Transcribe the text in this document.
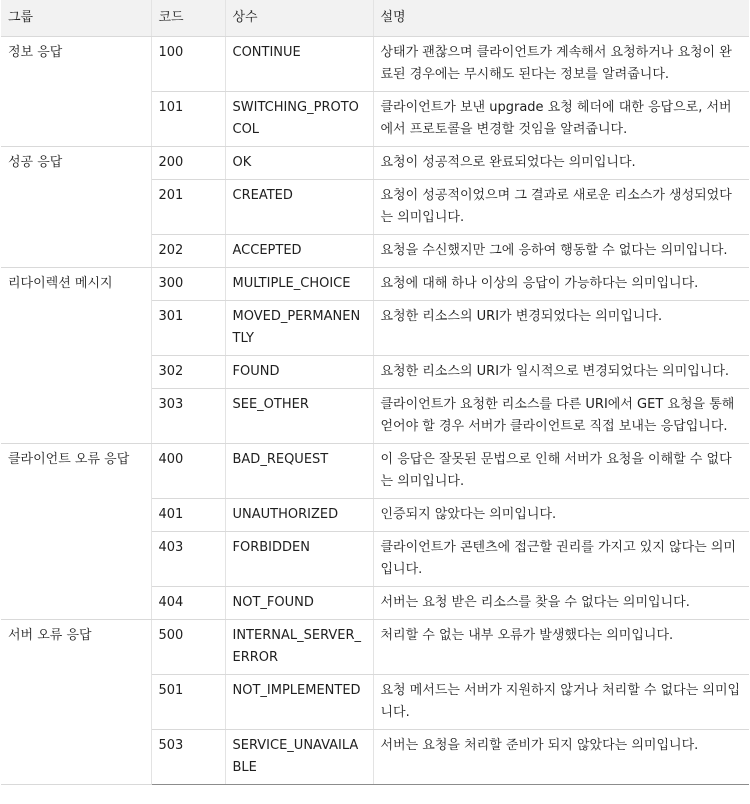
그룹	코드	상수	설명
정보 응답	100	CONTINUE	상태가 괜찮으며 클라이언트가 계속해서 요청하거나 요청이 완료된 경우에는 무시해도 된다는 정보를 알려줍니다.
	101	SWITCHING_PROTOCOL	클라이언트가 보낸 upgrade 요청 헤더에 대한 응답으로, 서버에서 프로토콜을 변경할 것임을 알려줍니다.
성공 응답	200	OK	요청이 성공적으로 완료되었다는 의미입니다.
	201	CREATED	요청이 성공적이었으며 그 결과로 새로운 리소스가 생성되었다는 의미입니다.
	202	ACCEPTED	요청을 수신했지만 그에 응하여 행동할 수 없다는 의미입니다.
리다이렉션 메시지	300	MULTIPLE_CHOICE	요청에 대해 하나 이상의 응답이 가능하다는 의미입니다.
	301	MOVED_PERMANENTLY	요청한 리소스의 URI가 변경되었다는 의미입니다.
	302	FOUND	요청한 리소스의 URI가 일시적으로 변경되었다는 의미입니다.
	303	SEE_OTHER	클라이언트가 요청한 리소스를 다른 URI에서 GET 요청을 통해 얻어야 할 경우 서버가 클라이언트로 직접 보내는 응답입니다.
클라이언트 오류 응답	400	BAD_REQUEST	이 응답은 잘못된 문법으로 인해 서버가 요청을 이해할 수 없다는 의미입니다.
	401	UNAUTHORIZED	인증되지 않았다는 의미입니다.
	403	FORBIDDEN	클라이언트가 콘텐츠에 접근할 권리를 가지고 있지 않다는 의미입니다.
	404	NOT_FOUND	서버는 요청 받은 리소스를 찾을 수 없다는 의미입니다.
서버 오류 응답	500	INTERNAL_SERVER_ERROR	처리할 수 없는 내부 오류가 발생했다는 의미입니다.
	501	NOT_IMPLEMENTED	요청 메서드는 서버가 지원하지 않거나 처리할 수 없다는 의미입니다.
	503	SERVICE_UNAVAILABLE	서버는 요청을 처리할 준비가 되지 않았다는 의미입니다.
